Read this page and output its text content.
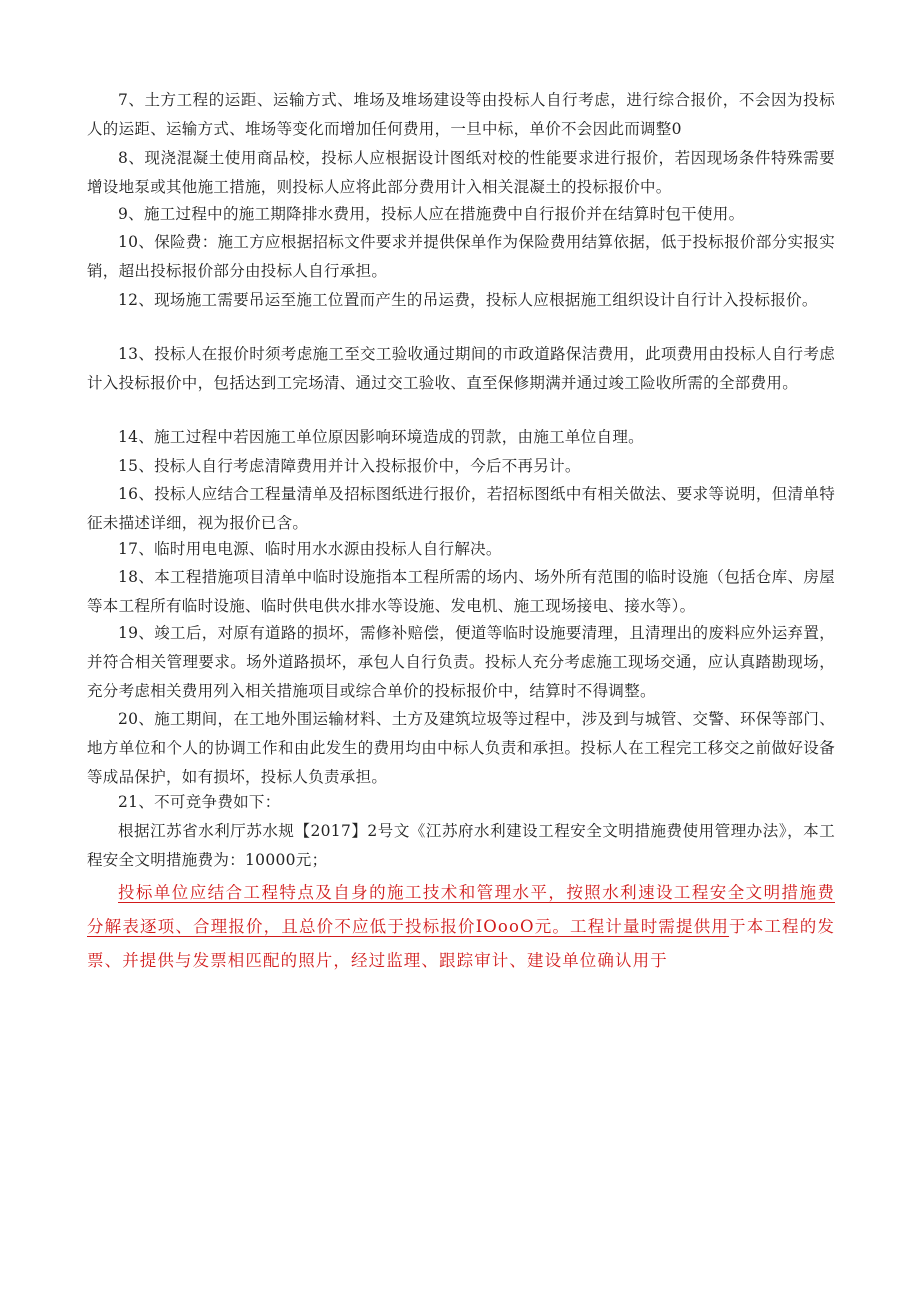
7、土方工程的运距、运输方式、堆场及堆场建设等由投标人自行考虑，进行综合报价，不会因为投标人的运距、运输方式、堆场等变化而增加任何费用，一旦中标，单价不会因此而调整0

8、现浇混凝土使用商品校，投标人应根据设计图纸对校的性能要求进行报价，若因现场条件特殊需要增设地泵或其他施工措施，则投标人应将此部分费用计入相关混凝土的投标报价中。

9、施工过程中的施工期降排水费用，投标人应在措施费中自行报价并在结算时包干使用。

10、保险费：施工方应根据招标文件要求并提供保单作为保险费用结算依据，低于投标报价部分实报实销，超出投标报价部分由投标人自行承担。

12、现场施工需要吊运至施工位置而产生的吊运费，投标人应根据施工组织设计自行计入投标报价。

13、投标人在报价时须考虑施工至交工验收通过期间的市政道路保洁费用，此项费用由投标人自行考虑计入投标报价中，包括达到工完场清、通过交工验收、直至保修期满并通过竣工险收所需的全部费用。

14、施工过程中若因施工单位原因影响环境造成的罚款，由施工单位自理。

15、投标人自行考虑清障费用并计入投标报价中，今后不再另计。

16、投标人应结合工程量清单及招标图纸进行报价，若招标图纸中有相关做法、要求等说明，但清单特征未描述详细，视为报价已含。

17、临时用电电源、临时用水水源由投标人自行解决。

18、本工程措施项目清单中临时设施指本工程所需的场内、场外所有范围的临时设施（包括仓库、房屋等本工程所有临时设施、临时供电供水排水等设施、发电机、施工现场接电、接水等）。

19、竣工后，对原有道路的损坏，需修补赔偿，便道等临时设施要清理，且清理出的废料应外运弃置，并符合相关管理要求。场外道路损坏，承包人自行负责。投标人充分考虑施工现场交通，应认真踏勘现场，充分考虑相关费用列入相关措施项目或综合单价的投标报价中，结算时不得调整。

20、施工期间，在工地外围运输材料、土方及建筑垃圾等过程中，涉及到与城管、交警、环保等部门、地方单位和个人的协调工作和由此发生的费用均由中标人负责和承担。投标人在工程完工移交之前做好设备等成品保护，如有损坏，投标人负责承担。

21、不可竞争费如下：

根据江苏省水利厅苏水规【2017】2号文《江苏府水利建设工程安全文明措施费使用管理办法》，本工程安全文明措施费为：10000元；

投标单位应结合工程特点及自身的施工技术和管理水平，按照水利速设工程安全文明措施费分解表逐项、合理报价，且总价不应低于投标报价IOooO元。工程计量时需提供用于本工程的发票、并提供与发票相匹配的照片，经过监理、跟踪审计、建设单位确认用于
